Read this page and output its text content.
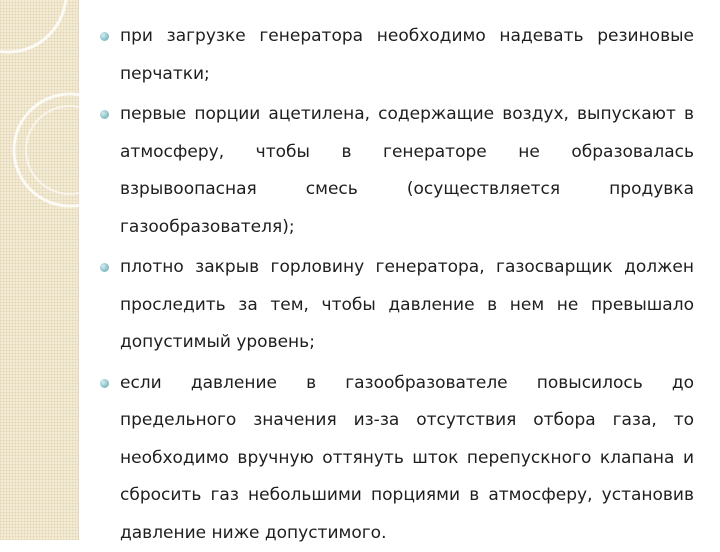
при загрузке генератора необходимо надевать резиновые перчатки;
первые порции ацетилена, содержащие воздух, выпускают в атмосферу, чтобы в генераторе не образовалась взрывоопасная смесь (осуществляется продувка газообразователя);
плотно закрыв горловину генератора, газосварщик должен проследить за тем, чтобы давление в нем не превышало допустимый уровень;
если давление в газообразователе повысилось до предельного значения из-за отсутствия отбора газа, то необходимо вручную оттянуть шток перепускного клапана и сбросить газ небольшими порциями в атмосферу, установив давление ниже допустимого.
